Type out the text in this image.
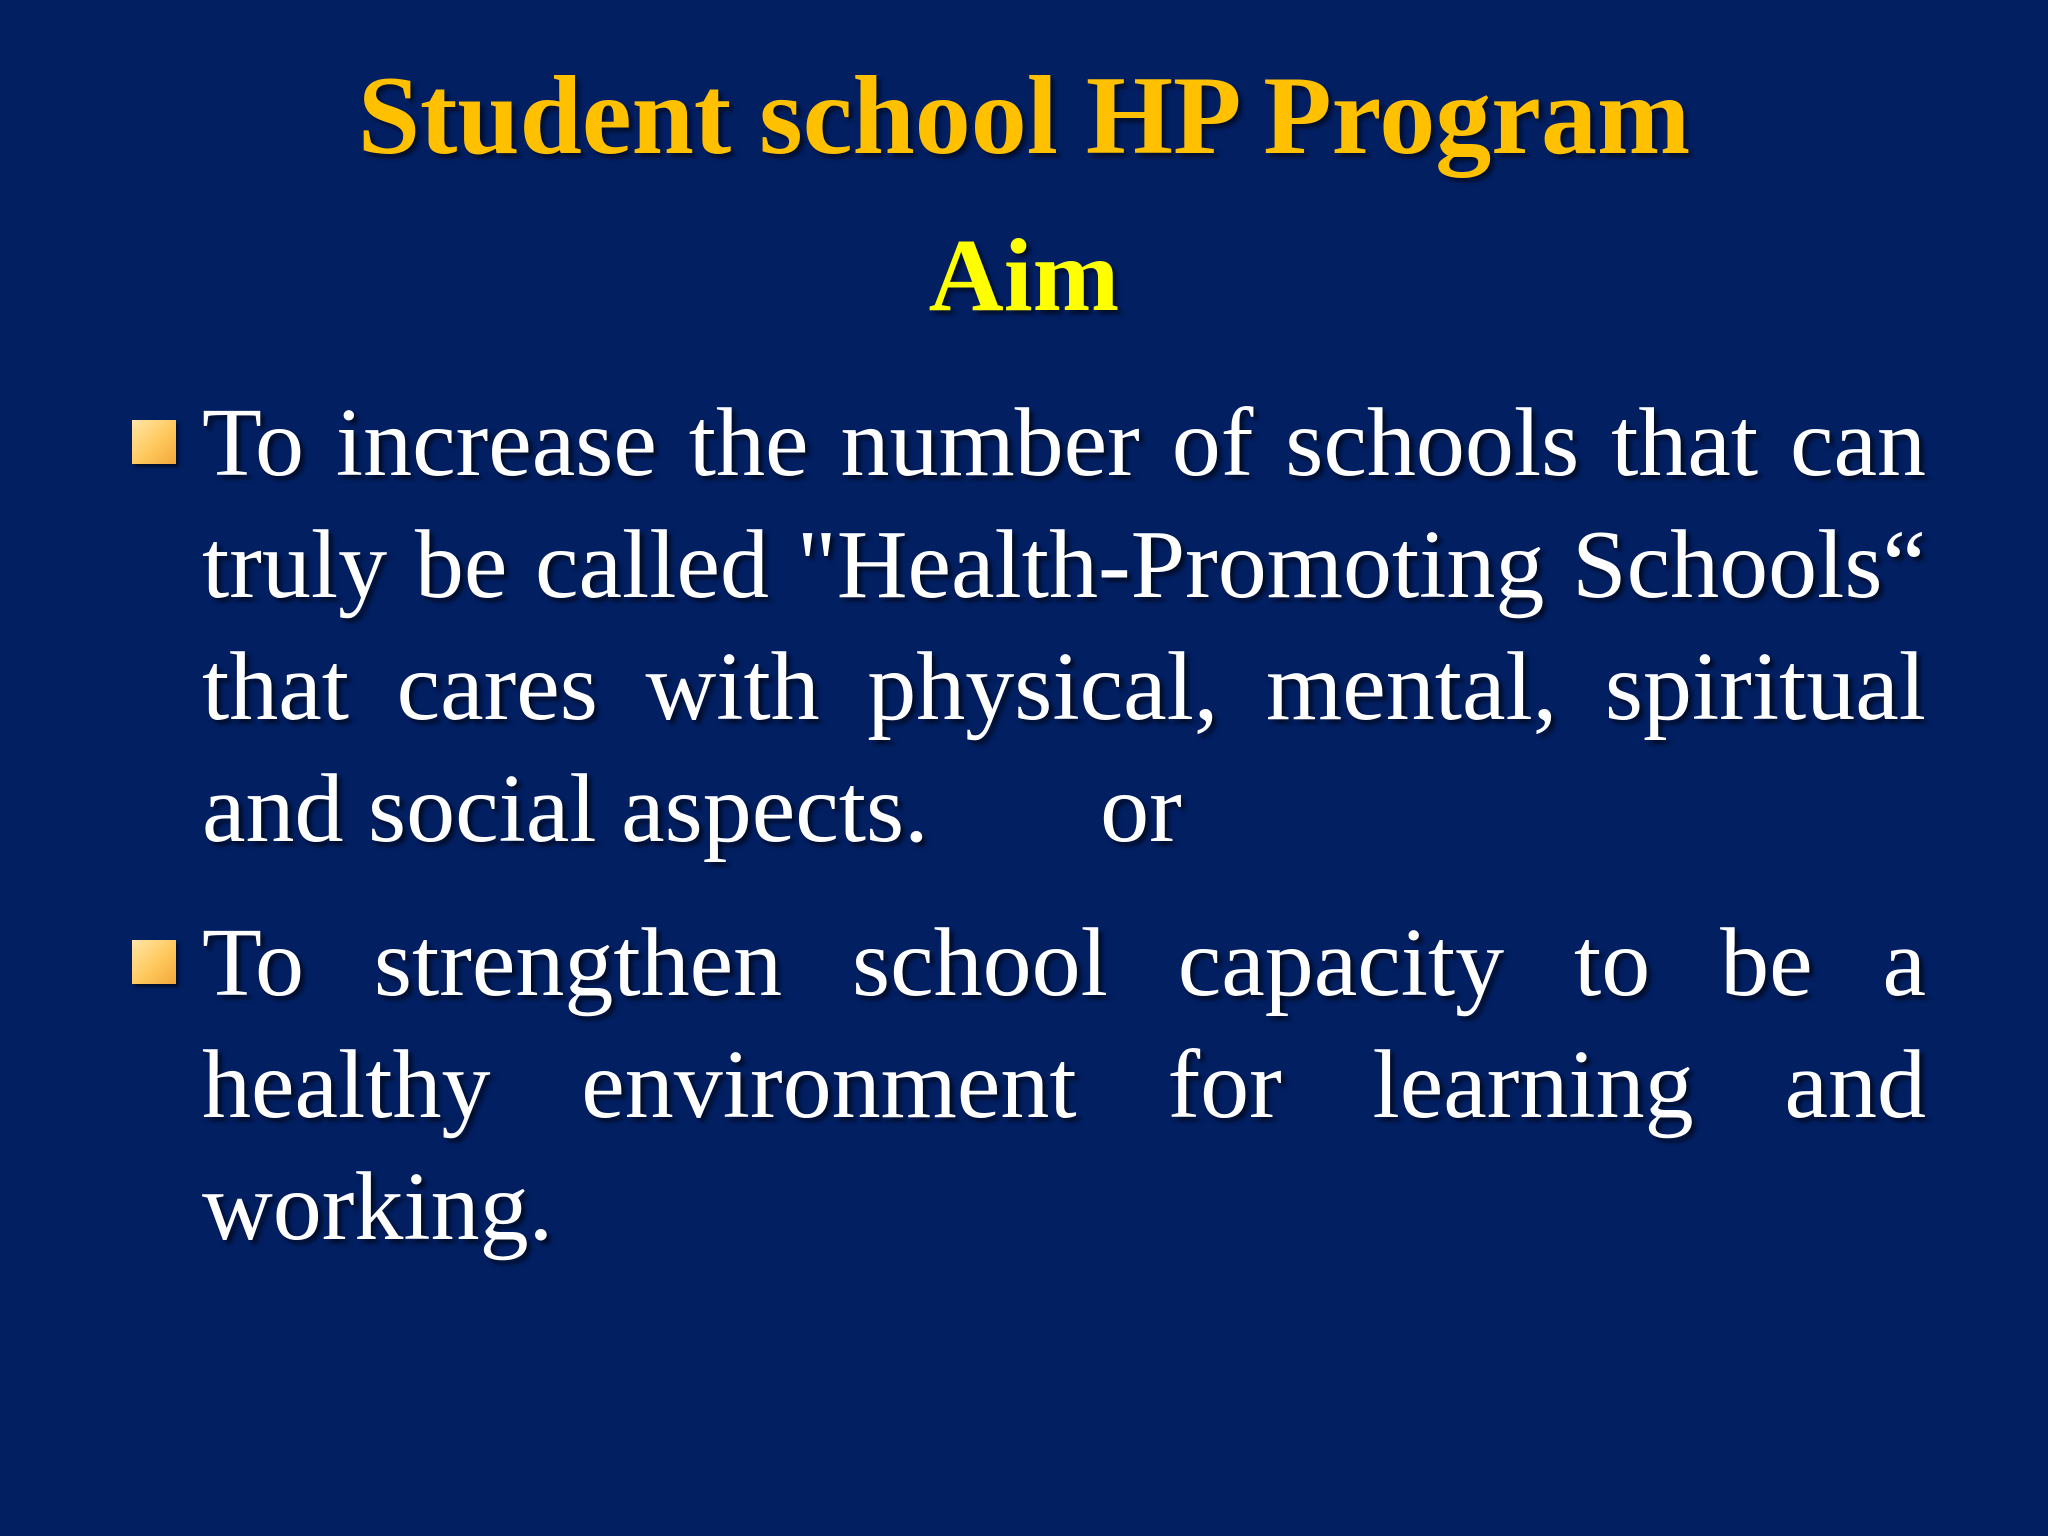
Student school HP Program
Aim
To increase the number of schools that can truly be called "Health-Promoting Schools“ that cares with physical, mental, spiritual and social aspects.       or
To strengthen school capacity to be a healthy environment for learning and working.
